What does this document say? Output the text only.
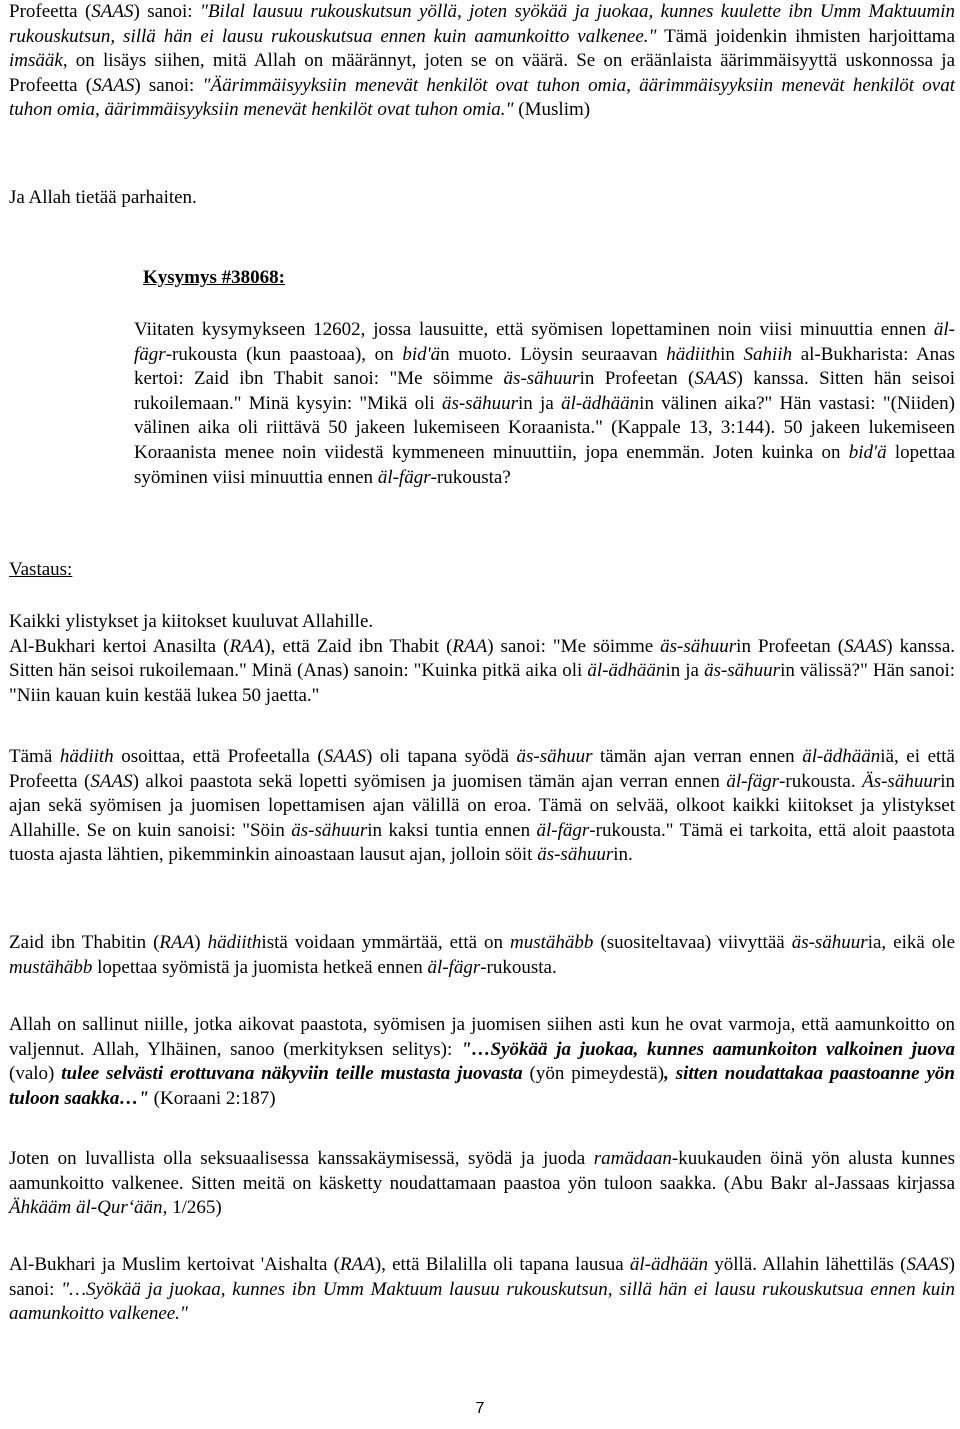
Profeetta (SAAS) sanoi: "Bilal lausuu rukouskutsun yöllä, joten syökää ja juokaa, kunnes kuulette ibn Umm Maktuumin rukouskutsun, sillä hän ei lausu rukouskutsua ennen kuin aamunkoitto valkenee." Tämä joidenkin ihmisten harjoittama imsääk, on lisäys siihen, mitä Allah on määrännyt, joten se on väärä. Se on eräänlaista äärimmäisyyttä uskonnossa ja Profeetta (SAAS) sanoi: "Äärimmäisyyksiin menevät henkilöt ovat tuhon omia, äärimmäisyyksiin menevät henkilöt ovat tuhon omia, äärimmäisyyksiin menevät henkilöt ovat tuhon omia." (Muslim)

Ja Allah tietää parhaiten.

Kysymys #38068:

Viitaten kysymykseen 12602, jossa lausuitte, että syömisen lopettaminen noin viisi minuuttia ennen äl-fägr-rukousta (kun paastoaa), on bid'än muoto. Löysin seuraavan hädiithin Sahiih al-Bukharista: Anas kertoi: Zaid ibn Thabit sanoi: "Me söimme äs-sähuurin Profeetan (SAAS) kanssa. Sitten hän seisoi rukoilemaan." Minä kysyin: "Mikä oli äs-sähuurin ja äl-ädhäänin välinen aika?" Hän vastasi: "(Niiden) välinen aika oli riittävä 50 jakeen lukemiseen Koraanista." (Kappale 13, 3:144). 50 jakeen lukemiseen Koraanista menee noin viidestä kymmeneen minuuttiin, jopa enemmän. Joten kuinka on bid'ä lopettaa syöminen viisi minuuttia ennen äl-fägr-rukousta?

Vastaus:

Kaikki ylistykset ja kiitokset kuuluvat Allahille.
Al-Bukhari kertoi Anasilta (RAA), että Zaid ibn Thabit (RAA) sanoi: "Me söimme äs-sähuurin Profeetan (SAAS) kanssa. Sitten hän seisoi rukoilemaan." Minä (Anas) sanoin: "Kuinka pitkä aika oli äl-ädhäänin ja äs-sähuurin välissä?" Hän sanoi: "Niin kauan kuin kestää lukea 50 jaetta."

Tämä hädiith osoittaa, että Profeetalla (SAAS) oli tapana syödä äs-sähuur tämän ajan verran ennen äl-ädhääniä, ei että Profeetta (SAAS) alkoi paastota sekä lopetti syömisen ja juomisen tämän ajan verran ennen äl-fägr-rukousta. Äs-sähuurin ajan sekä syömisen ja juomisen lopettamisen ajan välillä on eroa. Tämä on selvää, olkoot kaikki kiitokset ja ylistykset Allahille. Se on kuin sanoisi: "Söin äs-sähuurin kaksi tuntia ennen äl-fägr-rukousta." Tämä ei tarkoita, että aloit paastota tuosta ajasta lähtien, pikemminkin ainoastaan lausut ajan, jolloin söit äs-sähuurin.

Zaid ibn Thabitin (RAA) hädiithistä voidaan ymmärtää, että on mustähäbb (suositeltavaa) viivyttää äs-sähuuria, eikä ole mustähäbb lopettaa syömistä ja juomista hetkeä ennen äl-fägr-rukousta.

Allah on sallinut niille, jotka aikovat paastota, syömisen ja juomisen siihen asti kun he ovat varmoja, että aamunkoitto on valjennut. Allah, Ylhäinen, sanoo (merkityksen selitys): "…Syökää ja juokaa, kunnes aamunkoiton valkoinen juova (valo) tulee selvästi erottuvana näkyviin teille mustasta juovasta (yön pimeydestä), sitten noudattakaa paastoanne yön tuloon saakka…" (Koraani 2:187)

Joten on luvallista olla seksuaalisessa kanssakäymisessä, syödä ja juoda ramädaan-kuukauden öinä yön alusta kunnes aamunkoitto valkenee. Sitten meitä on käsketty noudattamaan paastoa yön tuloon saakka. (Abu Bakr al-Jassaas kirjassa Ähkääm äl-Qur‘ään, 1/265)

Al-Bukhari ja Muslim kertoivat 'Aishalta (RAA), että Bilalilla oli tapana lausua äl-ädhään yöllä. Allahin lähettiläs (SAAS) sanoi: "…Syökää ja juokaa, kunnes ibn Umm Maktuum lausuu rukouskutsun, sillä hän ei lausu rukouskutsua ennen kuin aamunkoitto valkenee."

7
